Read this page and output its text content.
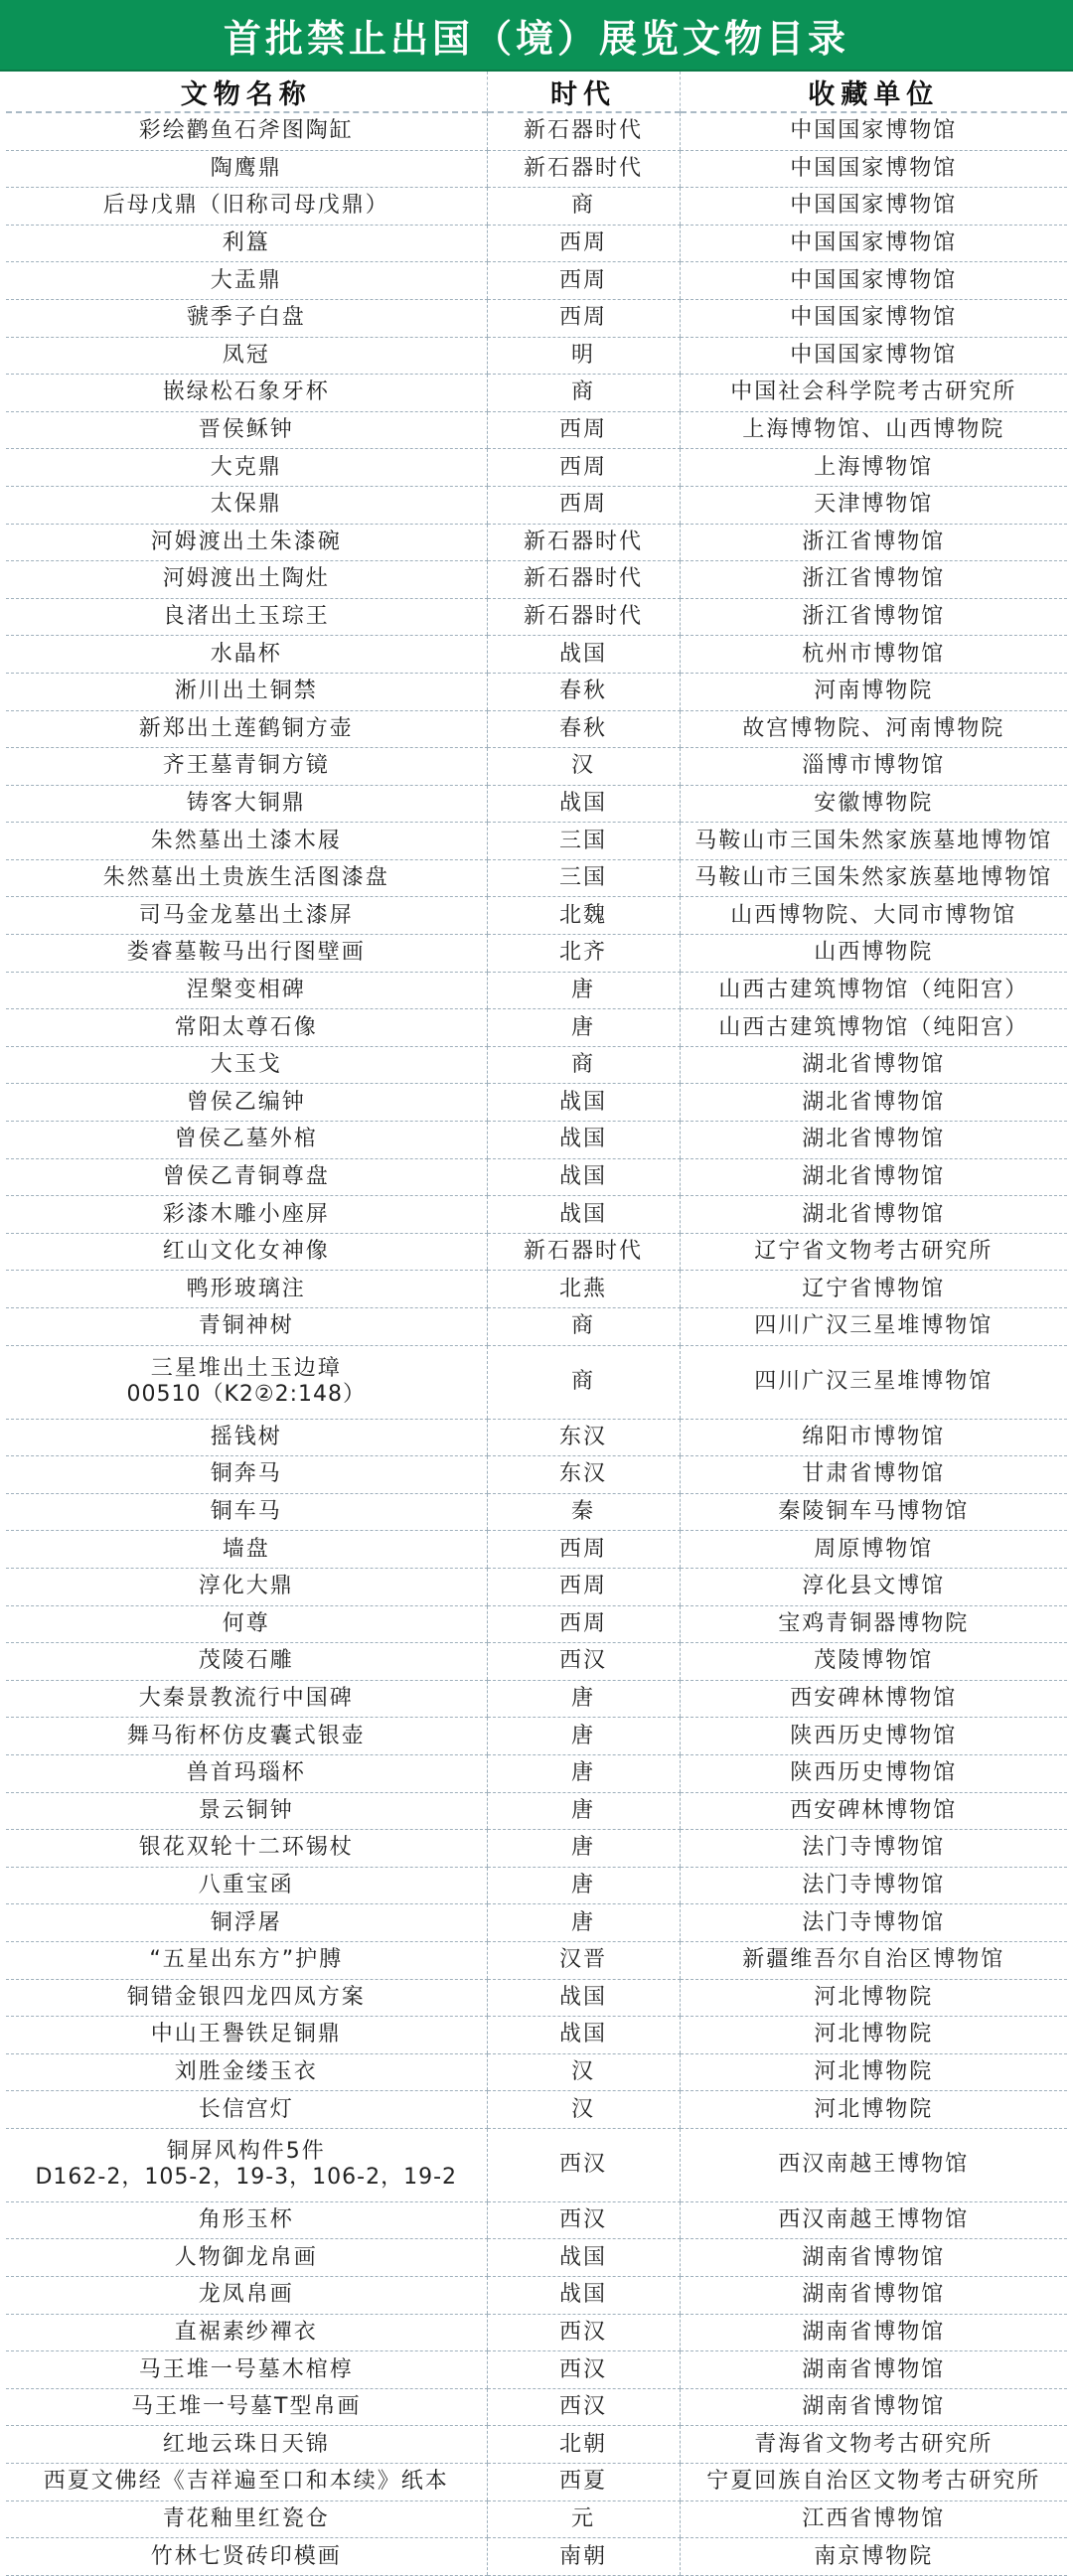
首批禁止出国（境）展览文物目录
文物名称	时代	收藏单位

彩绘鹳鱼石斧图陶缸	新石器时代	中国国家博物馆

陶鹰鼎	新石器时代	中国国家博物馆

后母戊鼎（旧称司母戊鼎）	商	中国国家博物馆

利簋	西周	中国国家博物馆

大盂鼎	西周	中国国家博物馆

虢季子白盘	西周	中国国家博物馆

凤冠	明	中国国家博物馆

嵌绿松石象牙杯	商	中国社会科学院考古研究所

晋侯稣钟	西周	上海博物馆、山西博物院

大克鼎	西周	上海博物馆

太保鼎	西周	天津博物馆

河姆渡出土朱漆碗	新石器时代	浙江省博物馆

河姆渡出土陶灶	新石器时代	浙江省博物馆

良渚出土玉琮王	新石器时代	浙江省博物馆

水晶杯	战国	杭州市博物馆

淅川出土铜禁	春秋	河南博物院

新郑出土莲鹤铜方壶	春秋	故宫博物院、河南博物院

齐王墓青铜方镜	汉	淄博市博物馆

铸客大铜鼎	战国	安徽博物院

朱然墓出土漆木屐	三国	马鞍山市三国朱然家族墓地博物馆

朱然墓出土贵族生活图漆盘	三国	马鞍山市三国朱然家族墓地博物馆

司马金龙墓出土漆屏	北魏	山西博物院、大同市博物馆

娄睿墓鞍马出行图壁画	北齐	山西博物院

涅槃变相碑	唐	山西古建筑博物馆（纯阳宫）

常阳太尊石像	唐	山西古建筑博物馆（纯阳宫）

大玉戈	商	湖北省博物馆

曾侯乙编钟	战国	湖北省博物馆

曾侯乙墓外棺	战国	湖北省博物馆

曾侯乙青铜尊盘	战国	湖北省博物馆

彩漆木雕小座屏	战国	湖北省博物馆

红山文化女神像	新石器时代	辽宁省文物考古研究所

鸭形玻璃注	北燕	辽宁省博物馆

青铜神树	商	四川广汉三星堆博物馆

三星堆出土玉边璋
00510（K2②2:148）	商	四川广汉三星堆博物馆

摇钱树	东汉	绵阳市博物馆

铜奔马	东汉	甘肃省博物馆

铜车马	秦	秦陵铜车马博物馆

墙盘	西周	周原博物馆

淳化大鼎	西周	淳化县文博馆

何尊	西周	宝鸡青铜器博物院

茂陵石雕	西汉	茂陵博物馆

大秦景教流行中国碑	唐	西安碑林博物馆

舞马衔杯仿皮囊式银壶	唐	陕西历史博物馆

兽首玛瑙杯	唐	陕西历史博物馆

景云铜钟	唐	西安碑林博物馆

银花双轮十二环锡杖	唐	法门寺博物馆

八重宝函	唐	法门寺博物馆

铜浮屠	唐	法门寺博物馆

“五星出东方”护膊	汉晋	新疆维吾尔自治区博物馆

铜错金银四龙四凤方案	战国	河北博物院

中山王譽铁足铜鼎	战国	河北博物院

刘胜金缕玉衣	汉	河北博物院

长信宫灯	汉	河北博物院

铜屏风构件5件
D162-2，105-2，19-3，106-2，19-2	西汉	西汉南越王博物馆

角形玉杯	西汉	西汉南越王博物馆

人物御龙帛画	战国	湖南省博物馆

龙凤帛画	战国	湖南省博物馆

直裾素纱襌衣	西汉	湖南省博物馆

马王堆一号墓木棺椁	西汉	湖南省博物馆

马王堆一号墓T型帛画	西汉	湖南省博物馆

红地云珠日天锦	北朝	青海省文物考古研究所

西夏文佛经《吉祥遍至口和本续》纸本	西夏	宁夏回族自治区文物考古研究所

青花釉里红瓷仓	元	江西省博物馆

竹林七贤砖印模画	南朝	南京博物院
